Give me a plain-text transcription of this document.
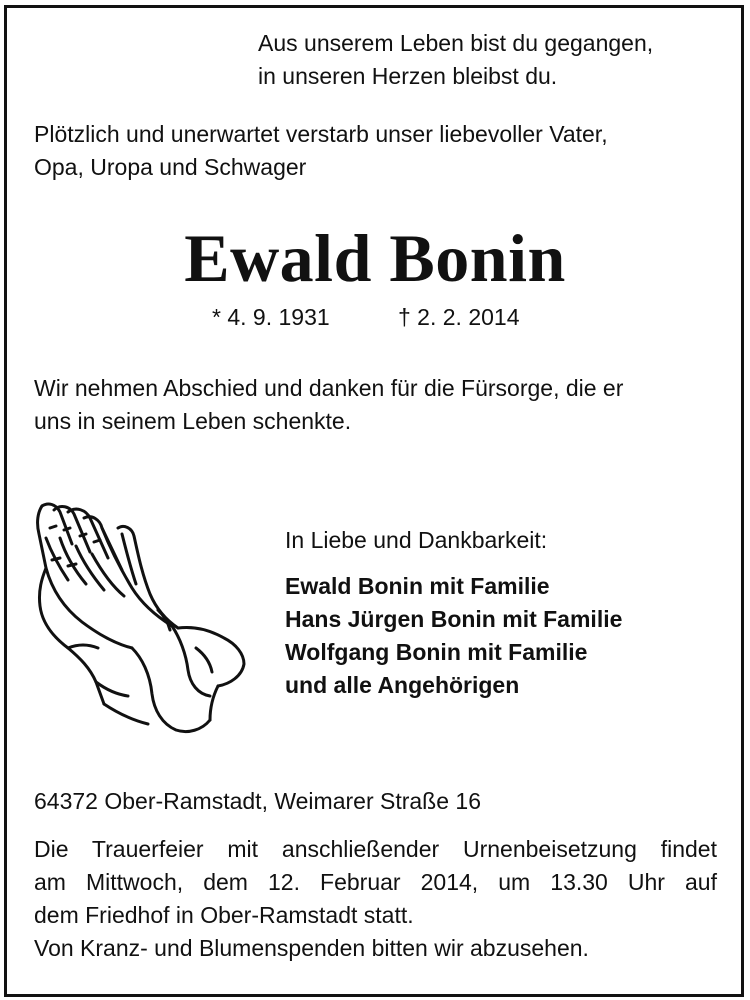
Aus unserem Leben bist du gegangen,
in unseren Herzen bleibst du.

Plötzlich und unerwartet verstarb unser liebevoller Vater,
Opa, Uropa und Schwager

Ewald Bonin
* 4. 9. 1931	† 2. 2. 2014

Wir nehmen Abschied und danken für die Fürsorge, die er
uns in seinem Leben schenkte.

In Liebe und Dankbarkeit:

Ewald Bonin mit Familie
Hans Jürgen Bonin mit Familie
Wolfgang Bonin mit Familie
und alle Angehörigen

64372 Ober-Ramstadt, Weimarer Straße 16

Die Trauerfeier mit anschließender Urnenbeisetzung findet
am Mittwoch, dem 12. Februar 2014, um 13.30 Uhr auf
dem Friedhof in Ober-Ramstadt statt.
Von Kranz- und Blumenspenden bitten wir abzusehen.
